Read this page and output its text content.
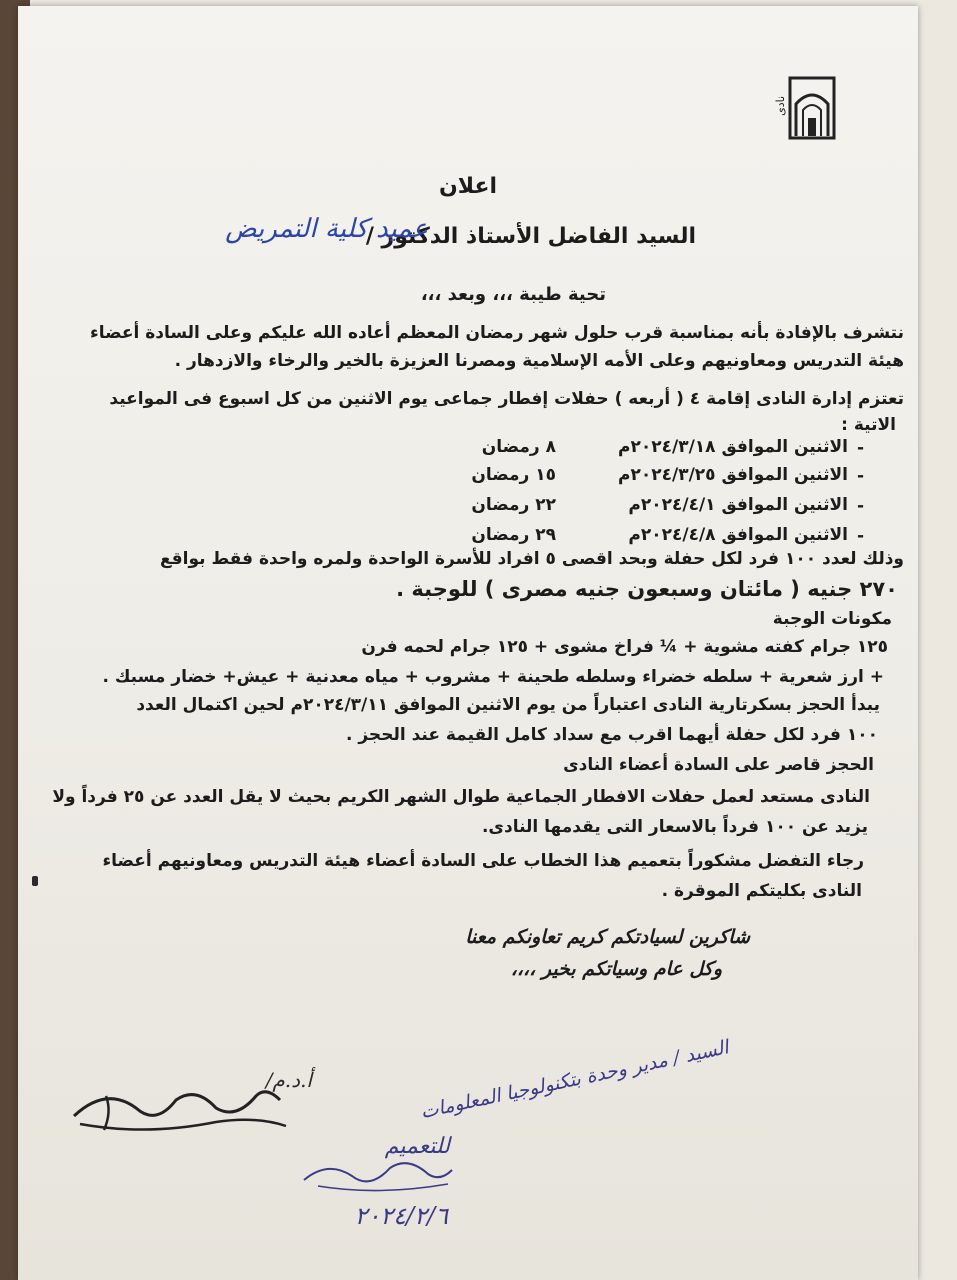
نادى
اعلان
السيد الفاضل الأستاذ الدكتور /
عميد كلية التمريض
تحية طيبة ،،، وبعد ،،،
نتشرف بالإفادة بأنه بمناسبة قرب حلول شهر رمضان المعظم أعاده الله عليكم وعلى السادة أعضاء
هيئة التدريس ومعاونيهم وعلى الأمه الإسلامية ومصرنا العزيزة بالخير والرخاء والازدهار .
تعتزم إدارة النادى إقامة ٤ ( أربعه ) حفلات إفطار جماعى يوم الاثنين من كل اسبوع فى المواعيد
الاتية :
-
الاثنين الموافق ٢٠٢٤/٣/١٨م
٨ رمضان
-
الاثنين الموافق ٢٠٢٤/٣/٢٥م
١٥ رمضان
-
الاثنين الموافق ٢٠٢٤/٤/١م
٢٢ رمضان
-
الاثنين الموافق ٢٠٢٤/٤/٨م
٢٩ رمضان
وذلك لعدد ١٠٠ فرد لكل حفلة وبحد اقصى ٥ افراد للأسرة الواحدة ولمره واحدة فقط بواقع
٢٧٠ جنيه ( مائتان وسبعون جنيه مصرى ) للوجبة .
مكونات الوجبة
١٢٥ جرام كفته مشوية + ¼ فراخ مشوى + ١٢٥ جرام لحمه فرن
+ ارز شعرية + سلطه خضراء وسلطه طحينة + مشروب + مياه معدنية + عيش+ خضار مسبك .
يبدأ الحجز بسكرتارية النادى اعتباراً من يوم الاثنين الموافق ٢٠٢٤/٣/١١م لحين اكتمال العدد
١٠٠ فرد لكل حفلة أيهما اقرب مع سداد كامل القيمة عند الحجز .
الحجز قاصر على السادة أعضاء النادى
النادى مستعد لعمل حفلات الافطار الجماعية طوال الشهر الكريم بحيث لا يقل العدد عن ٢٥ فرداً ولا
يزيد عن ١٠٠ فرداً بالاسعار التى يقدمها النادى.
رجاء التفضل مشكوراً بتعميم هذا الخطاب على السادة أعضاء هيئة التدريس ومعاونيهم أعضاء
النادى بكليتكم الموقرة .
شاكرين لسيادتكم كريم تعاونكم معنا
وكل عام وسياتكم بخير ،،،،
أ.د.م/	السيد / مدير وحدة بتكنولوجيا المعلومات
للتعميم
٢٠٢٤/٢/٦
